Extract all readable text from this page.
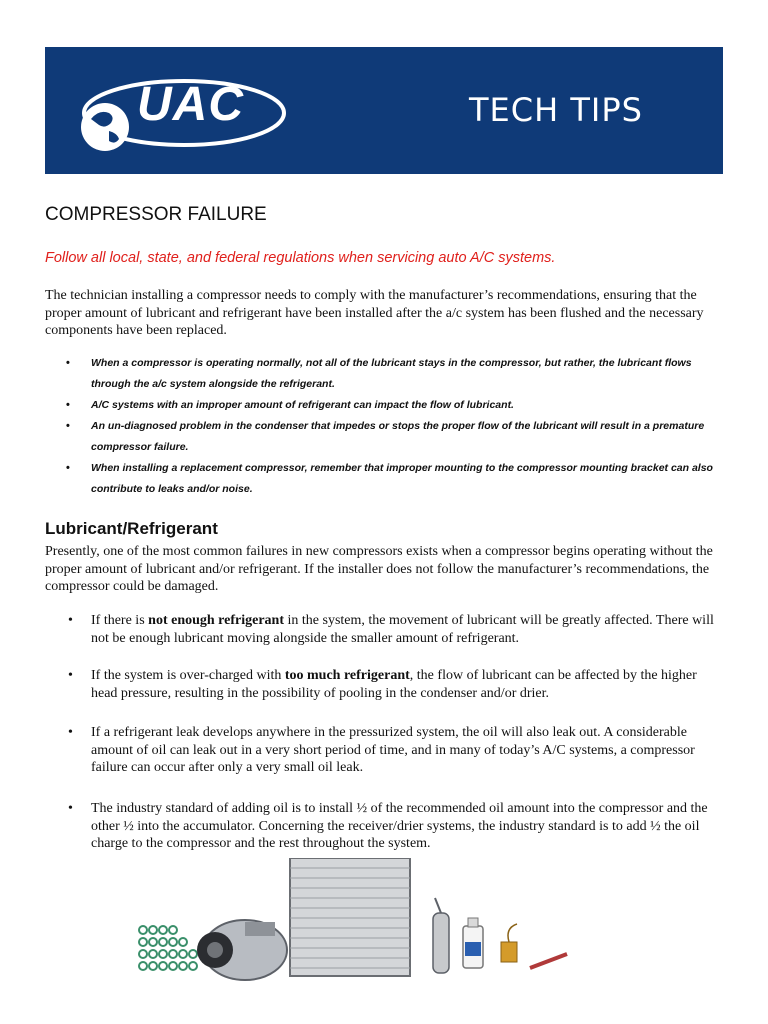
UAC	TECH TIPS
COMPRESSOR FAILURE
Follow all local, state, and federal regulations when servicing auto A/C systems.

The technician installing a compressor needs to comply with the manufacturer’s recommendations, ensuring that the proper amount of lubricant and refrigerant have been installed after the a/c system has been flushed and the necessary components have been replaced.

• When a compressor is operating normally, not all of the lubricant stays in the compressor, but rather, the lubricant flows through the a/c system alongside the refrigerant.
• A/C systems with an improper amount of refrigerant can impact the flow of lubricant.
• An un-diagnosed problem in the condenser that impedes or stops the proper flow of the lubricant will result in a premature compressor failure.
• When installing a replacement compressor, remember that improper mounting to the compressor mounting bracket can also contribute to leaks and/or noise.
Lubricant/Refrigerant

Presently, one of the most common failures in new compressors exists when a compressor begins operating without the proper amount of lubricant and/or refrigerant. If the installer does not follow the manufacturer’s recommendations, the compressor could be damaged.

• If there is not enough refrigerant in the system, the movement of lubricant will be greatly affected. There will not be enough lubricant moving alongside the smaller amount of refrigerant.

• If the system is over-charged with too much refrigerant, the flow of lubricant can be affected by the higher head pressure, resulting in the possibility of pooling in the condenser and/or drier.

• If a refrigerant leak develops anywhere in the pressurized system, the oil will also leak out. A considerable amount of oil can leak out in a very short period of time, and in many of today’s A/C systems, a compressor failure can occur after only a very small oil leak.

• The industry standard of adding oil is to install ½ of the recommended oil amount into the compressor and the other ½ into the accumulator. Concerning the receiver/drier systems, the industry standard is to add ½ the oil charge to the compressor and the rest throughout the system.
